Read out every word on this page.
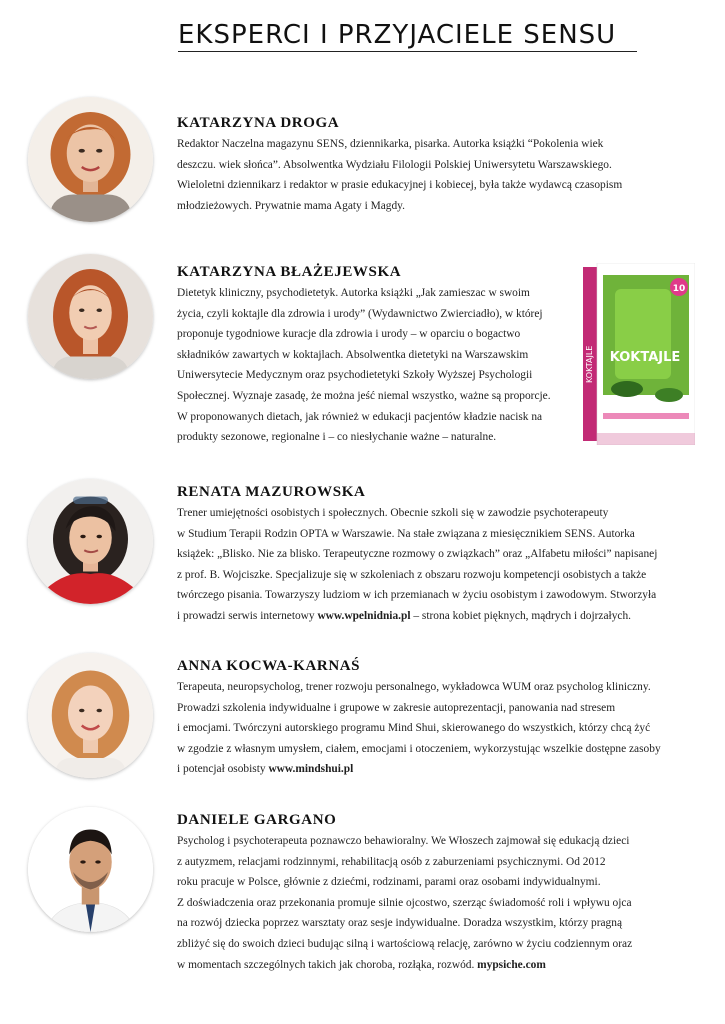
EKSPERCI I PRZYJACIELE SENSU
KATARZYNA DROGA

Redaktor Naczelna magazynu SENS, dziennikarka, pisarka. Autorka książki “Pokolenia wiek

deszczu. wiek słońca”. Absolwentka Wydziału Filologii Polskiej Uniwersytetu Warszawskiego.

Wieloletni dziennikarz i redaktor w prasie edukacyjnej i kobiecej, była także wydawcą czasopism

młodzieżowych. Prywatnie mama Agaty i Magdy.

KATARZYNA BŁAŻEJEWSKA

Dietetyk kliniczny, psychodietetyk. Autorka książki „Jak zamieszac w swoim

życia, czyli koktajle dla zdrowia i urody” (Wydawnictwo Zwierciadło), w której

proponuje tygodniowe kuracje dla zdrowia i urody – w oparciu o bogactwo

składników zawartych w koktajlach. Absolwentka dietetyki na Warszawskim

Uniwersytecie Medycznym oraz psychodietetyki Szkoły Wyższej Psychologii

Społecznej. Wyznaje zasadę, że można jeść niemal wszystko, ważne są proporcje.

W proponowanych dietach, jak również w edukacji pacjentów kładzie nacisk na

produkty sezonowe, regionalne i – co niesłychanie ważne – naturalne.

KOKTAJLE
10
KOKTAJLE
RENATA MAZUROWSKA

Trener umiejętności osobistych i społecznych. Obecnie szkoli się w zawodzie psychoterapeuty

w Studium Terapii Rodzin OPTA w Warszawie. Na stałe związana z miesięcznikiem SENS. Autorka

książek: „Blisko. Nie za blisko. Terapeutyczne rozmowy o związkach” oraz „Alfabetu miłości” napisanej

z prof. B. Wojciszke. Specjalizuje się w szkoleniach z obszaru rozwoju kompetencji osobistych a także

twórczego pisania. Towarzyszy ludziom w ich przemianach w życiu osobistym i zawodowym. Stworzyła

i prowadzi serwis internetowy www.wpelnidnia.pl – strona kobiet pięknych, mądrych i dojrzałych.

ANNA KOCWA-KARNAŚ

Terapeuta, neuropsycholog, trener rozwoju personalnego, wykładowca WUM oraz psycholog kliniczny.

Prowadzi szkolenia indywidualne i grupowe w zakresie autoprezentacji, panowania nad stresem

i emocjami. Twórczyni autorskiego programu Mind Shui, skierowanego do wszystkich, którzy chcą żyć

w zgodzie z własnym umysłem, ciałem, emocjami i otoczeniem, wykorzystując wszelkie dostępne zasoby

i potencjał osobisty www.mindshui.pl

DANIELE GARGANO

Psycholog i psychoterapeuta poznawczo behawioralny. We Włoszech zajmował się edukacją dzieci

z autyzmem, relacjami rodzinnymi, rehabilitacją osób z zaburzeniami psychicznymi. Od 2012

roku pracuje w Polsce, głównie z dziećmi, rodzinami, parami oraz osobami indywidualnymi.

Z doświadczenia oraz przekonania promuje silnie ojcostwo, szerząc świadomość roli i wpływu ojca

na rozwój dziecka poprzez warsztaty oraz sesje indywidualne. Doradza wszystkim, którzy pragną

zbliżyć się do swoich dzieci budując silną i wartościową relację, zarówno w życiu codziennym oraz

w momentach szczególnych takich jak choroba, rozłąka, rozwód. mypsiche.com
